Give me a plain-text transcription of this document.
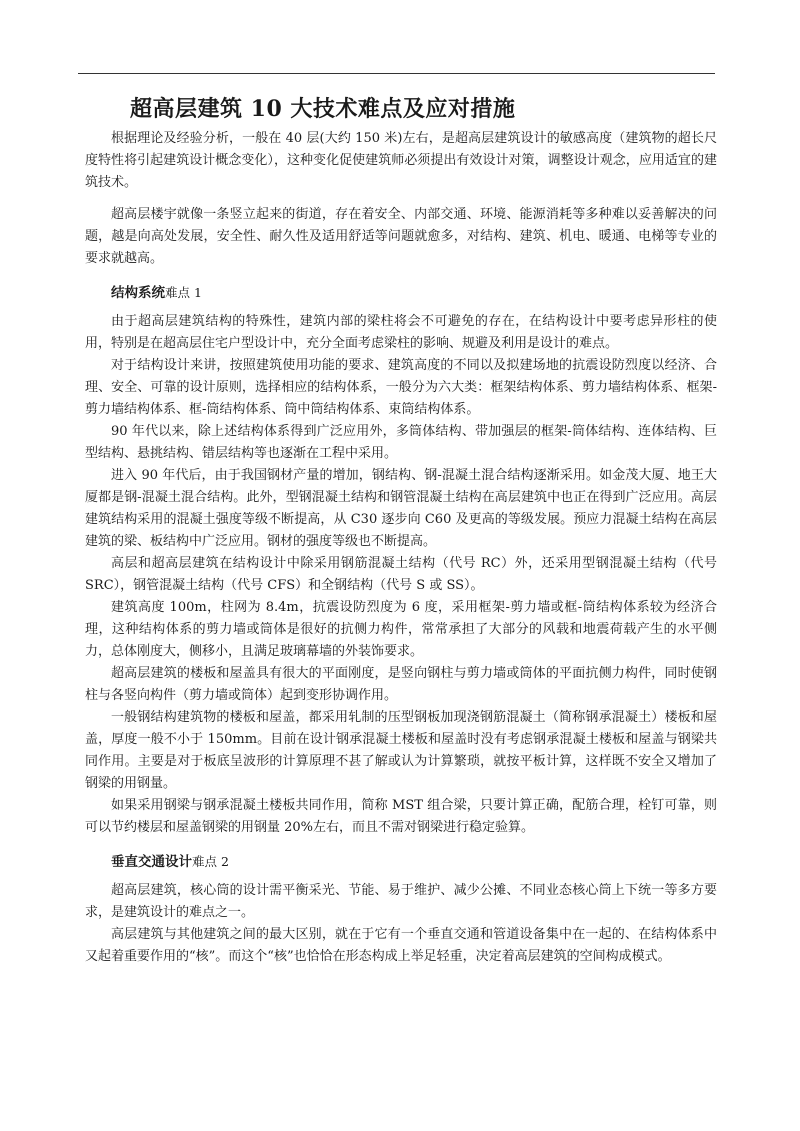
超高层建筑 10 大技术难点及应对措施

根据理论及经验分析，一般在 40 层(大约 150 米)左右，是超高层建筑设计的敏感高度（建筑物的超长尺度特性将引起建筑设计概念变化），这种变化促使建筑师必须提出有效设计对策，调整设计观念，应用适宜的建筑技术。

超高层楼宇就像一条竖立起来的街道，存在着安全、内部交通、环境、能源消耗等多种难以妥善解决的问题，越是向高处发展，安全性、耐久性及适用舒适等问题就愈多，对结构、建筑、机电、暖通、电梯等专业的要求就越高。

结构系统难点 1

由于超高层建筑结构的特殊性，建筑内部的梁柱将会不可避免的存在，在结构设计中要考虑异形柱的使用，特别是在超高层住宅户型设计中，充分全面考虑梁柱的影响、规避及利用是设计的难点。

对于结构设计来讲，按照建筑使用功能的要求、建筑高度的不同以及拟建场地的抗震设防烈度以经济、合理、安全、可靠的设计原则，选择相应的结构体系，一般分为六大类：框架结构体系、剪力墙结构体系、框架-剪力墙结构体系、框-筒结构体系、筒中筒结构体系、束筒结构体系。

90 年代以来，除上述结构体系得到广泛应用外，多筒体结构、带加强层的框架-筒体结构、连体结构、巨型结构、悬挑结构、错层结构等也逐渐在工程中采用。

进入 90 年代后，由于我国钢材产量的增加，钢结构、钢-混凝土混合结构逐渐采用。如金茂大厦、地王大厦都是钢-混凝土混合结构。此外，型钢混凝土结构和钢管混凝土结构在高层建筑中也正在得到广泛应用。高层建筑结构采用的混凝土强度等级不断提高，从 C30 逐步向 C60 及更高的等级发展。预应力混凝土结构在高层建筑的梁、板结构中广泛应用。钢材的强度等级也不断提高。

高层和超高层建筑在结构设计中除采用钢筋混凝土结构（代号 RC）外，还采用型钢混凝土结构（代号 SRC），钢管混凝土结构（代号 CFS）和全钢结构（代号 S 或 SS）。

建筑高度 100m，柱网为 8.4m，抗震设防烈度为 6 度，采用框架-剪力墙或框-筒结构体系较为经济合理，这种结构体系的剪力墙或筒体是很好的抗侧力构件，常常承担了大部分的风载和地震荷载产生的水平侧力，总体刚度大，侧移小，且满足玻璃幕墙的外装饰要求。

超高层建筑的楼板和屋盖具有很大的平面刚度，是竖向钢柱与剪力墙或筒体的平面抗侧力构件，同时使钢柱与各竖向构件（剪力墙或筒体）起到变形协调作用。

一般钢结构建筑物的楼板和屋盖，都采用轧制的压型钢板加现浇钢筋混凝土（简称钢承混凝土）楼板和屋盖，厚度一般不小于 150mm。目前在设计钢承混凝土楼板和屋盖时没有考虑钢承混凝土楼板和屋盖与钢梁共同作用。主要是对于板底呈波形的计算原理不甚了解或认为计算繁琐，就按平板计算，这样既不安全又增加了钢梁的用钢量。

如果采用钢梁与钢承混凝土楼板共同作用，简称 MST 组合梁，只要计算正确，配筋合理，栓钉可靠，则可以节约楼层和屋盖钢梁的用钢量 20%左右，而且不需对钢梁进行稳定验算。

垂直交通设计难点 2

超高层建筑，核心筒的设计需平衡采光、节能、易于维护、减少公摊、不同业态核心筒上下统一等多方要求，是建筑设计的难点之一。

高层建筑与其他建筑之间的最大区别，就在于它有一个垂直交通和管道设备集中在一起的、在结构体系中又起着重要作用的“核”。而这个“核”也恰恰在形态构成上举足轻重，决定着高层建筑的空间构成模式。
